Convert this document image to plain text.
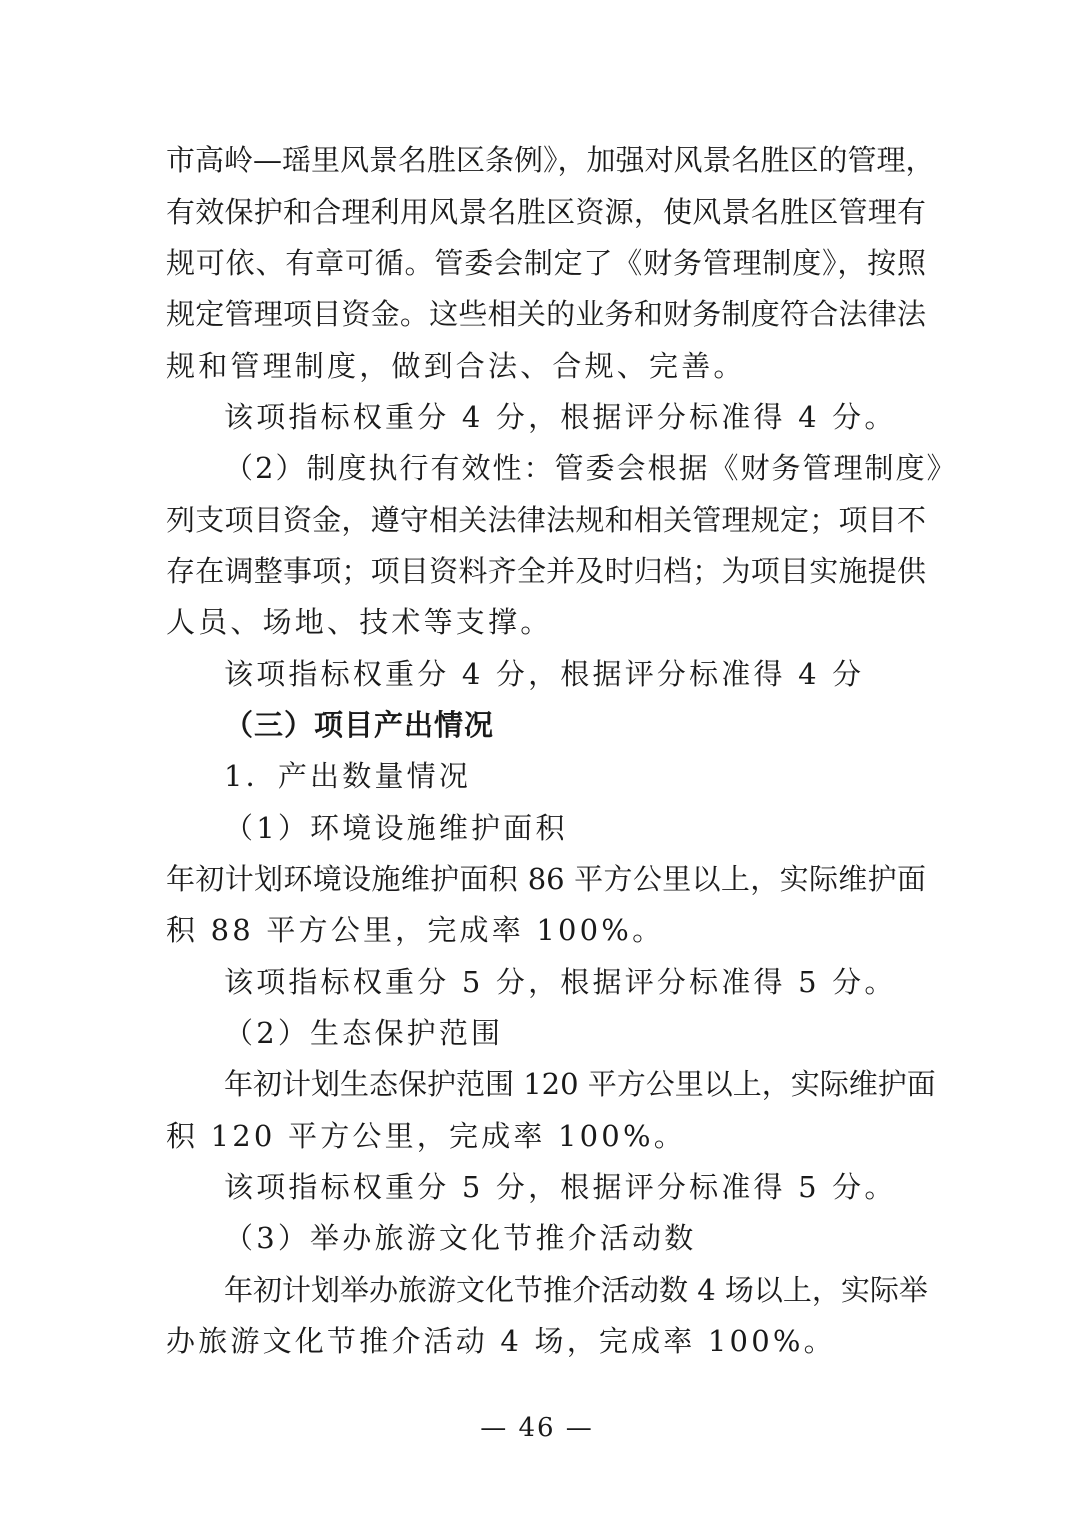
市高岭—瑶里风景名胜区条例》，加强对风景名胜区的管理，
有效保护和合理利用风景名胜区资源，使风景名胜区管理有
规可依、有章可循。管委会制定了《财务管理制度》，按照
规定管理项目资金。这些相关的业务和财务制度符合法律法
规和管理制度，做到合法、合规、完善。
该项指标权重分 4 分，根据评分标准得 4 分。
（2）制度执行有效性：管委会根据《财务管理制度》
列支项目资金，遵守相关法律法规和相关管理规定；项目不
存在调整事项；项目资料齐全并及时归档；为项目实施提供
人员、场地、技术等支撑。
该项指标权重分 4 分，根据评分标准得 4 分
（三）项目产出情况
1．产出数量情况
（1）环境设施维护面积
年初计划环境设施维护面积 86 平方公里以上，实际维护面
积 88 平方公里，完成率 100%。
该项指标权重分 5 分，根据评分标准得 5 分。
（2）生态保护范围
年初计划生态保护范围 120 平方公里以上，实际维护面
积 120 平方公里，完成率 100%。
该项指标权重分 5 分，根据评分标准得 5 分。
（3）举办旅游文化节推介活动数
年初计划举办旅游文化节推介活动数 4 场以上，实际举
办旅游文化节推介活动 4 场，完成率 100%。
— 46 —
